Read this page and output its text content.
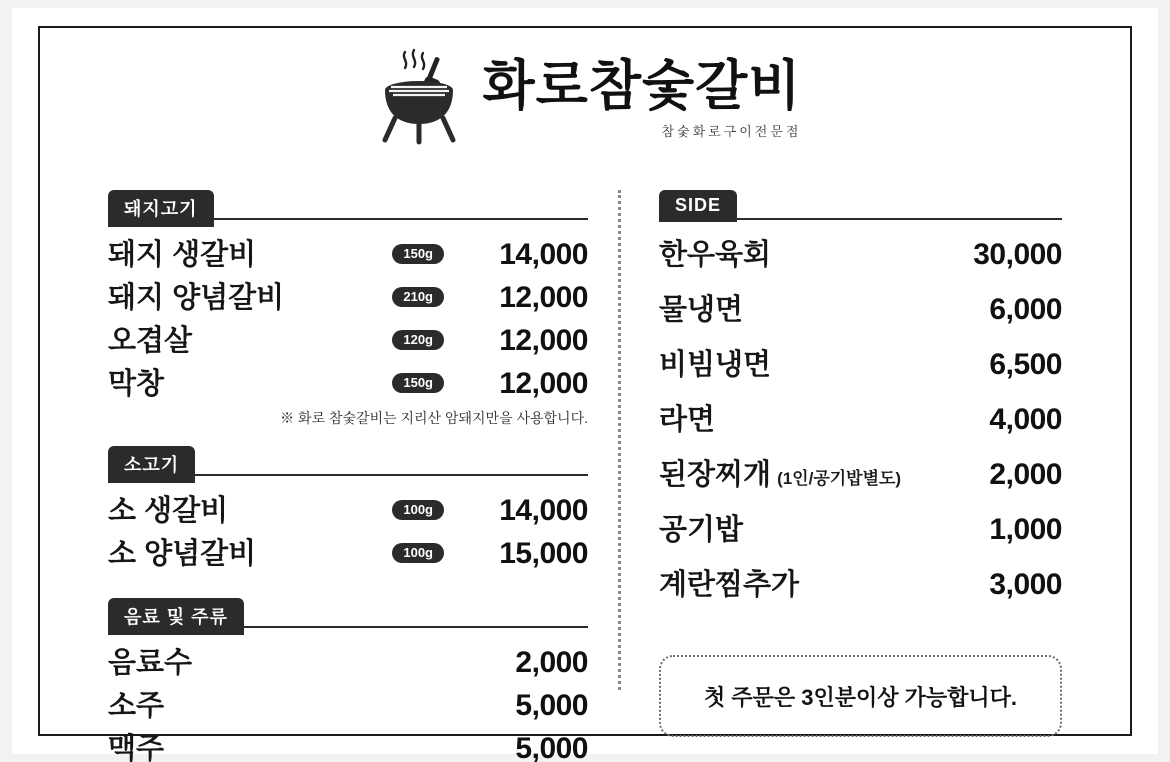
화로참숯갈비
참숯화로구이전문점
돼지고기
돼지 생갈비	150g	14,000
돼지 양념갈비	210g	12,000
오겹살	120g	12,000
막창	150g	12,000
※ 화로 참숯갈비는 지리산 암돼지만을 사용합니다.
소고기
소 생갈비	100g	14,000
소 양념갈비	100g	15,000
음료 및 주류
음료수	2,000
소주	5,000
맥주	5,000
SIDE
한우육회	30,000
물냉면	6,000
비빔냉면	6,500
라면	4,000
된장찌개 (1인/공기밥별도)	2,000
공기밥	1,000
계란찜추가	3,000
첫 주문은 3인분이상 가능합니다.
